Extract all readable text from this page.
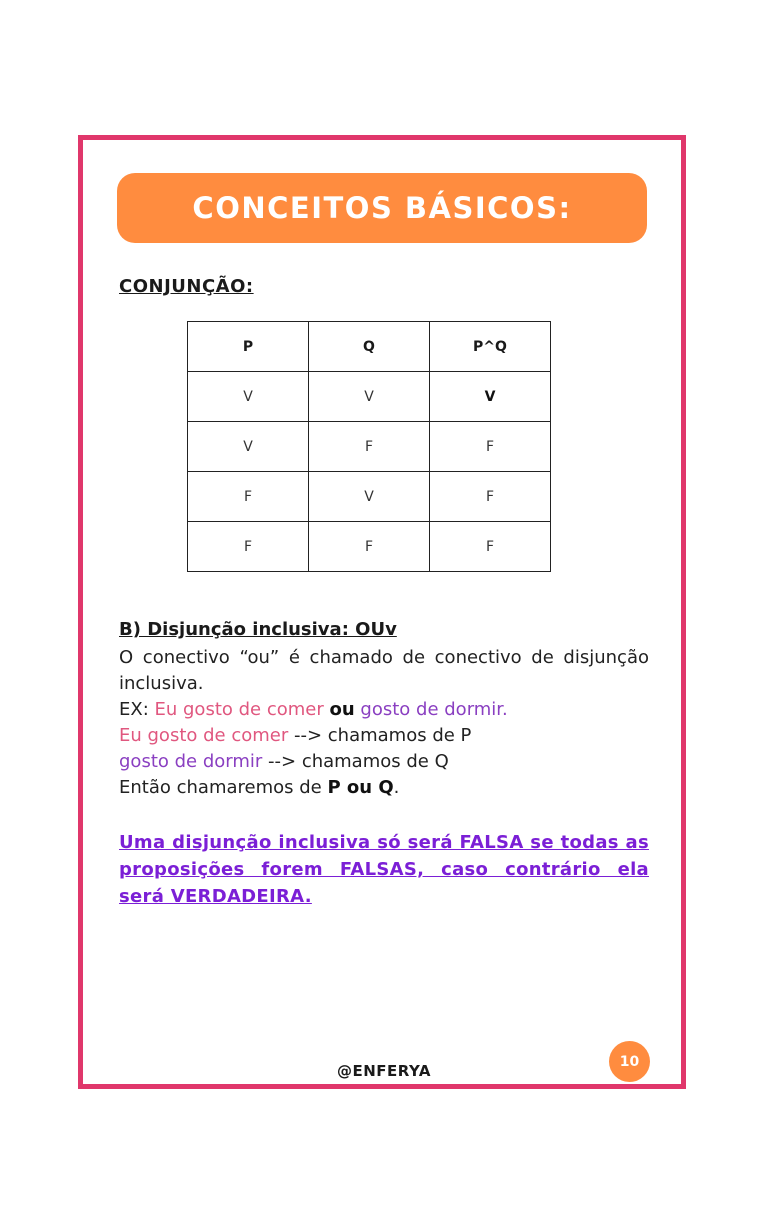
CONCEITOS BÁSICOS:
CONJUNÇÃO:
P	Q	P^Q
V	V	V
V	F	F
F	V	F
F	F	F
B) Disjunção inclusiva: OUv
O conectivo “ou” é chamado de conectivo de disjunção inclusiva.
EX: Eu gosto de comer ou gosto de dormir.
Eu gosto de comer --> chamamos de P
gosto de dormir --> chamamos de Q
Então chamaremos de P ou Q.
Uma disjunção inclusiva só será FALSA se todas as proposições forem FALSAS, caso contrário ela será VERDADEIRA.
@ENFERYA
10
